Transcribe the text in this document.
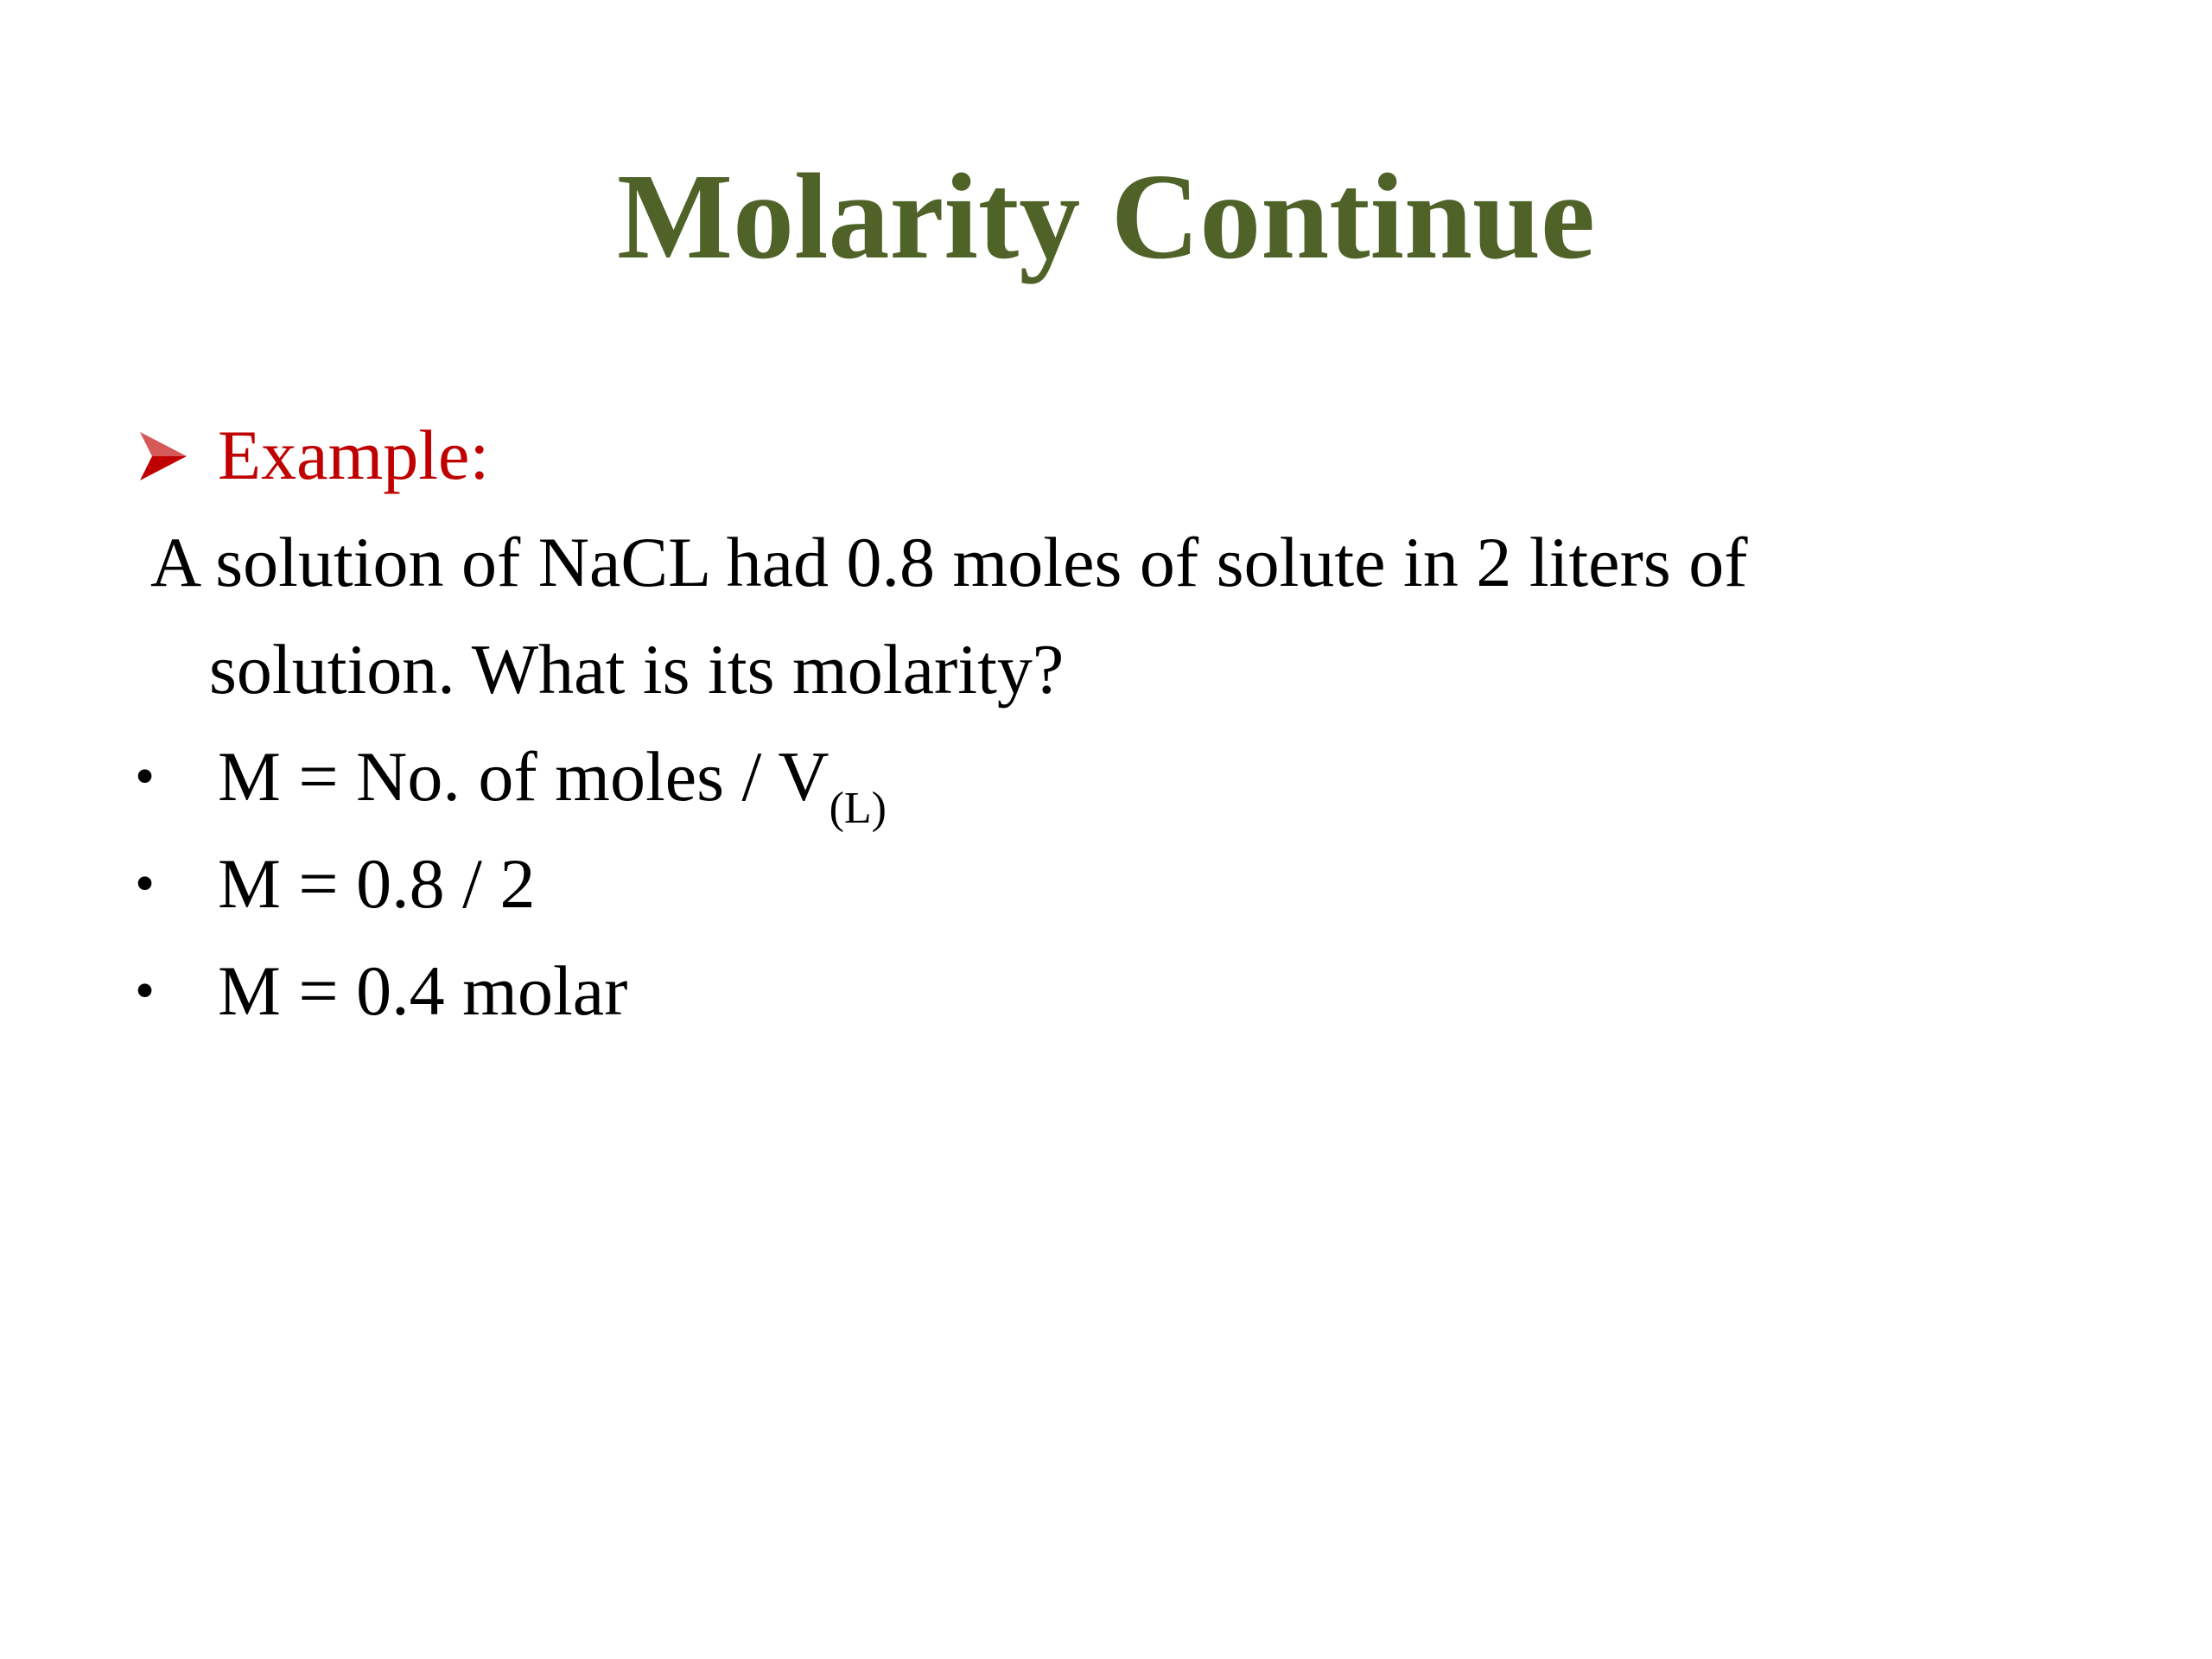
Molarity Continue
Example:
A solution of NaCL had 0.8 moles of solute in 2 liters of
solution. What is its molarity?
• M = No. of moles / $V_{(L)}$
• M = 0.8 / 2
• M = 0.4 molar
